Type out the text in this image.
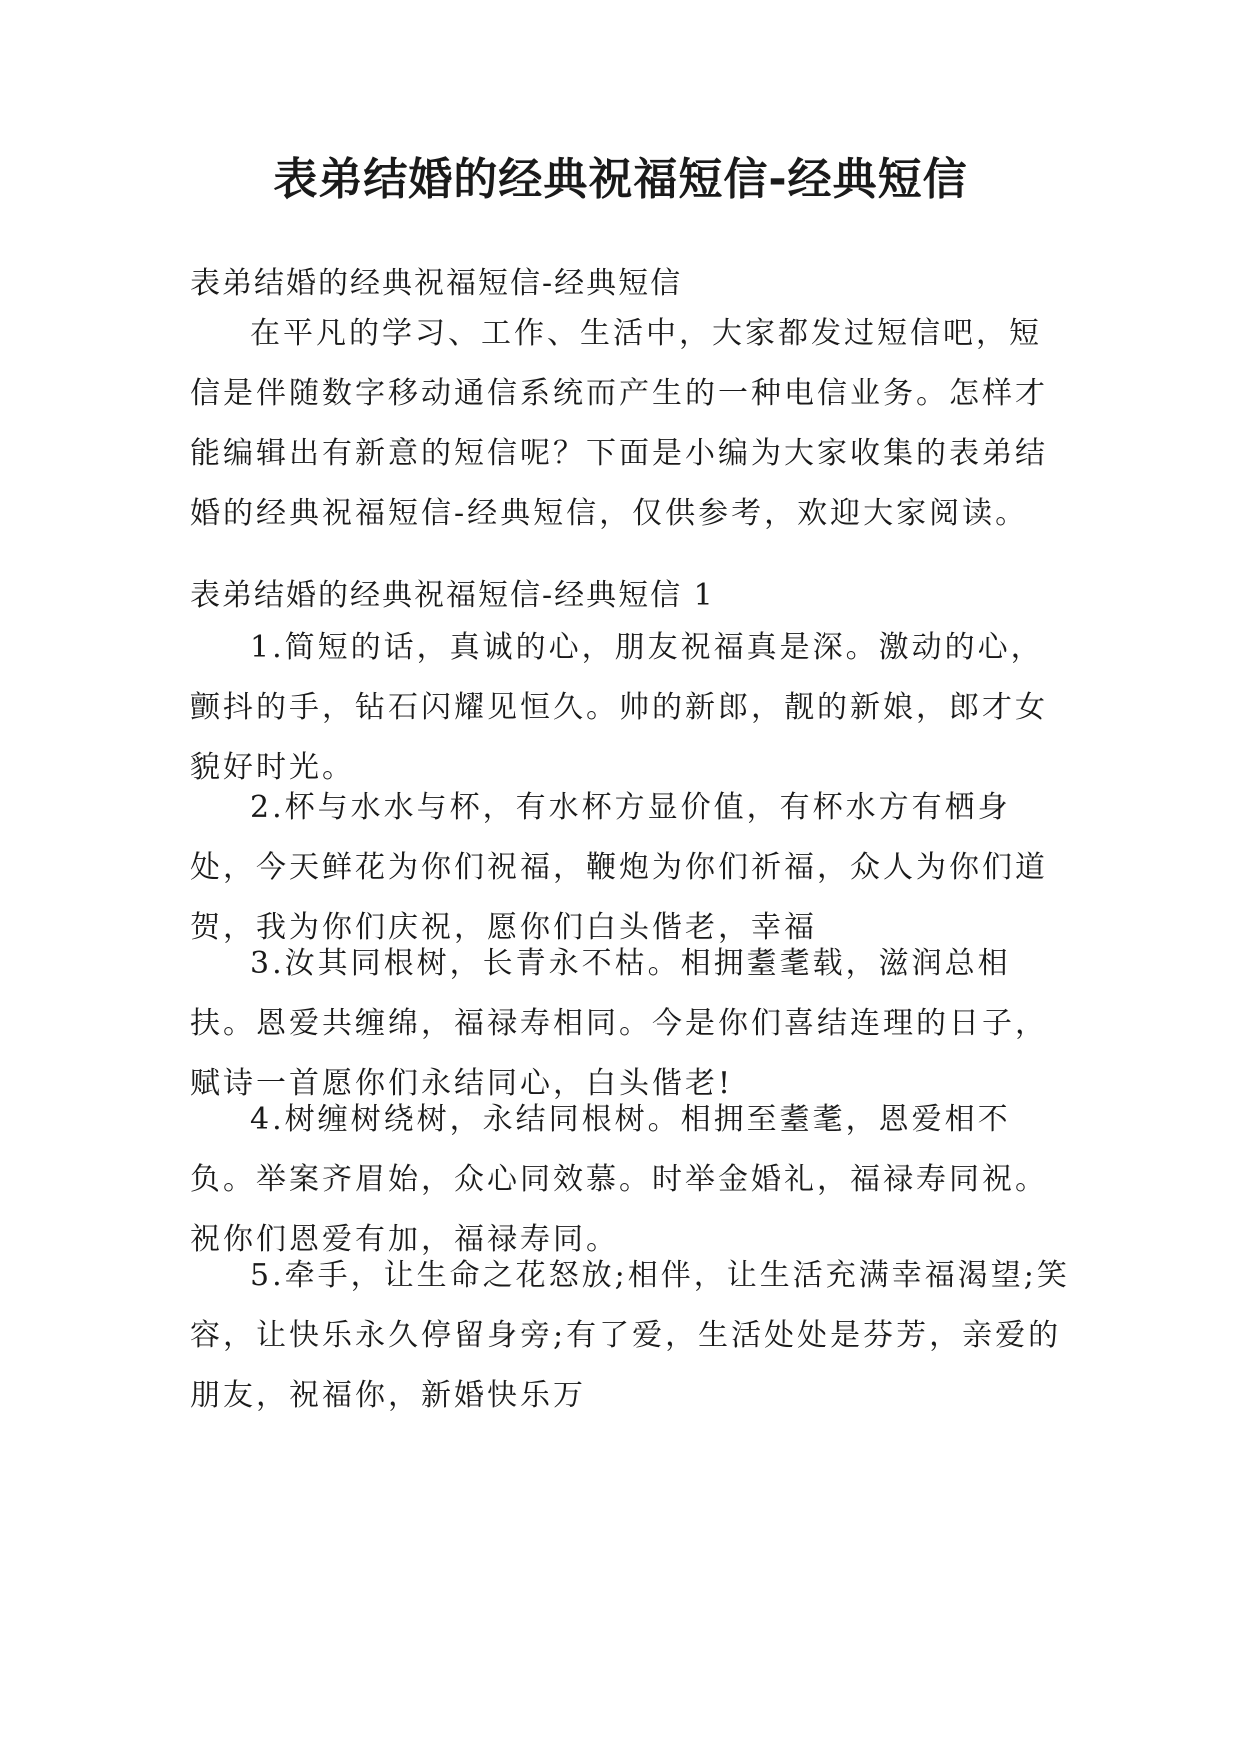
表弟结婚的经典祝福短信-经典短信
表弟结婚的经典祝福短信-经典短信

在平凡的学习、工作、生活中，大家都发过短信吧，短信是伴随数字移动通信系统而产生的一种电信业务。怎样才能编辑出有新意的短信呢？下面是小编为大家收集的表弟结婚的经典祝福短信-经典短信，仅供参考，欢迎大家阅读。

表弟结婚的经典祝福短信-经典短信 1

1.简短的话，真诚的心，朋友祝福真是深。激动的心，颤抖的手，钻石闪耀见恒久。帅的新郎，靓的新娘，郎才女貌好时光。

2.杯与水水与杯，有水杯方显价值，有杯水方有栖身处，今天鲜花为你们祝福，鞭炮为你们祈福，众人为你们道贺，我为你们庆祝，愿你们白头偕老，幸福

3.汝其同根树，长青永不枯。相拥耋耄载，滋润总相扶。恩爱共缠绵，福禄寿相同。今是你们喜结连理的日子，赋诗一首愿你们永结同心，白头偕老!

4.树缠树绕树，永结同根树。相拥至耋耄，恩爱相不负。举案齐眉始，众心同效慕。时举金婚礼，福禄寿同祝。祝你们恩爱有加，福禄寿同。

5.牵手，让生命之花怒放;相伴，让生活充满幸福渴望;笑容，让快乐永久停留身旁;有了爱，生活处处是芬芳，亲爱的朋友，祝福你，新婚快乐万
